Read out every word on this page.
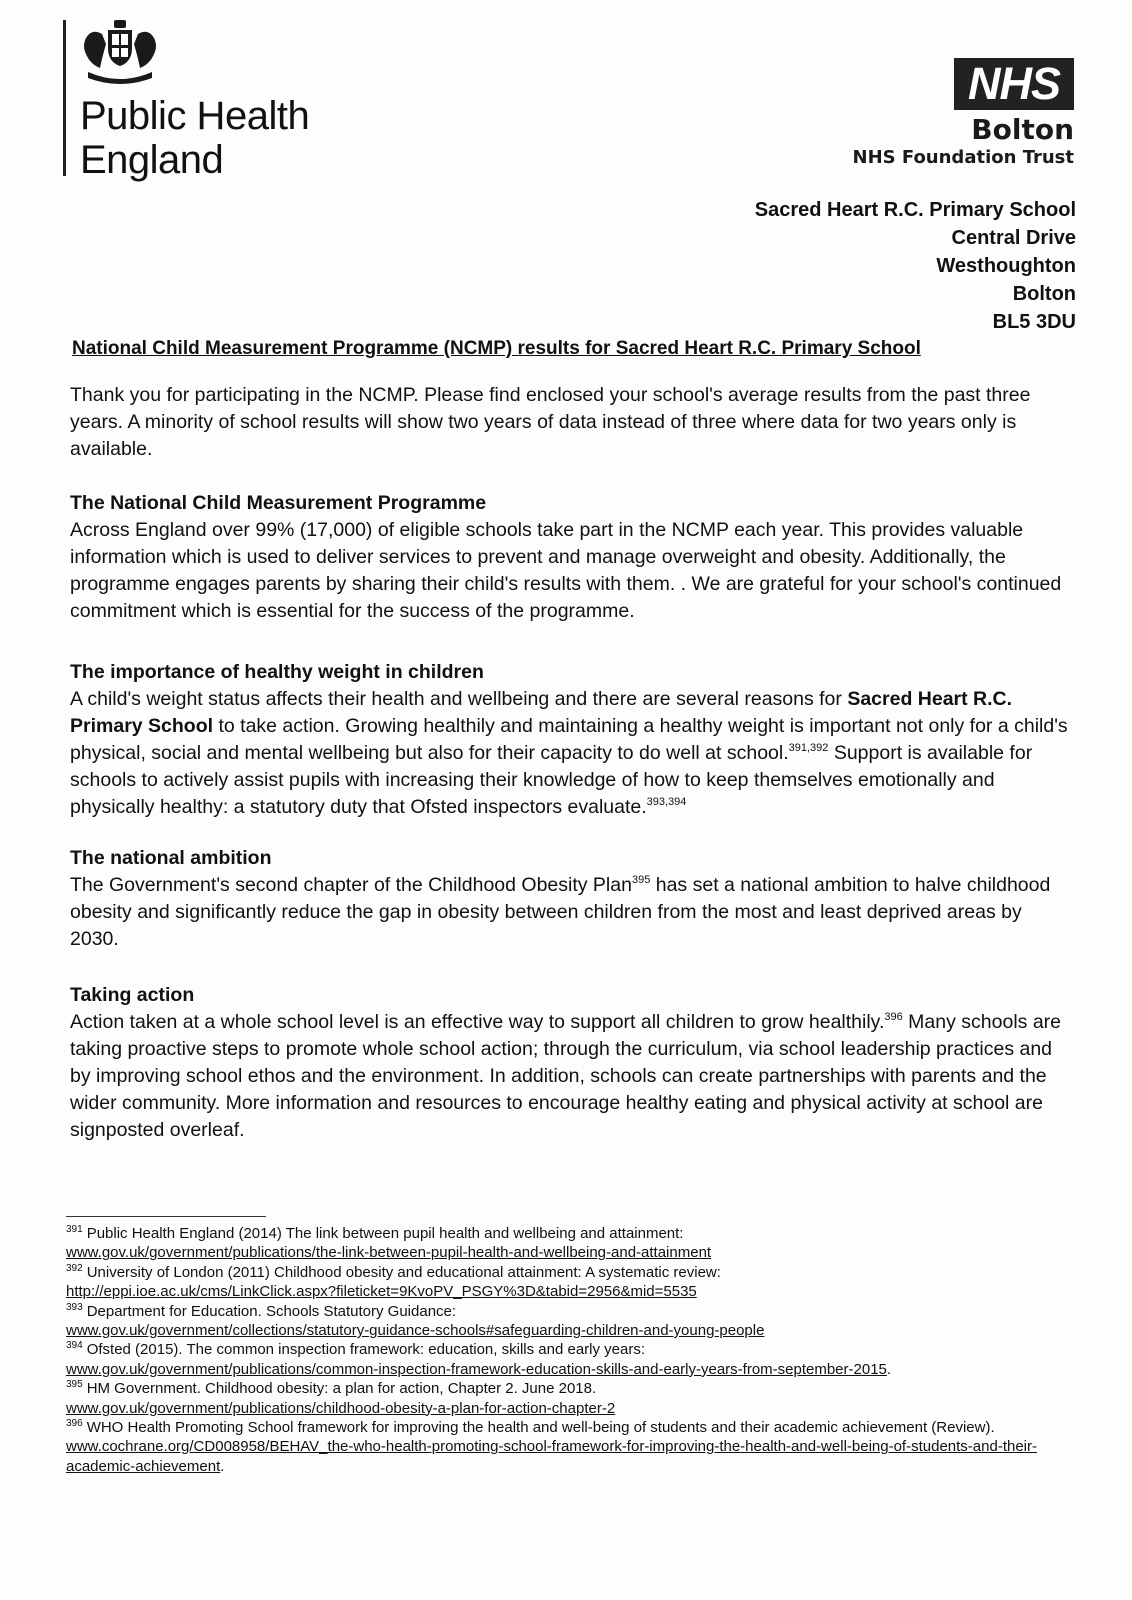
Public Health
England
NHS
Bolton
NHS Foundation Trust
Sacred Heart R.C. Primary School
Central Drive
Westhoughton
Bolton
BL5 3DU
National Child Measurement Programme (NCMP) results for Sacred Heart R.C. Primary School
Thank you for participating in the NCMP. Please find enclosed your school's average results from the past three years. A minority of school results will show two years of data instead of three where data for two years only is available.

The National Child Measurement Programme

Across England over 99% (17,000) of eligible schools take part in the NCMP each year. This provides valuable information which is used to deliver services to prevent and manage overweight and obesity. Additionally, the programme engages parents by sharing their child's results with them. . We are grateful for your school's continued commitment which is essential for the success of the programme.

The importance of healthy weight in children

A child's weight status affects their health and wellbeing and there are several reasons for Sacred Heart R.C. Primary School to take action. Growing healthily and maintaining a healthy weight is important not only for a child's physical, social and mental wellbeing but also for their capacity to do well at school.$^{391,392}$ Support is available for schools to actively assist pupils with increasing their knowledge of how to keep themselves emotionally and physically healthy: a statutory duty that Ofsted inspectors evaluate.$^{393,394}$

The national ambition

The Government's second chapter of the Childhood Obesity Plan$^{395}$ has set a national ambition to halve childhood obesity and significantly reduce the gap in obesity between children from the most and least deprived areas by 2030.

Taking action

Action taken at a whole school level is an effective way to support all children to grow healthily.$^{396}$ Many schools are taking proactive steps to promote whole school action; through the curriculum, via school leadership practices and by improving school ethos and the environment. In addition, schools can create partnerships with parents and the wider community. More information and resources to encourage healthy eating and physical activity at school are signposted overleaf.

$^{391}$ Public Health England (2014) The link between pupil health and wellbeing and attainment:
www.gov.uk/government/publications/the-link-between-pupil-health-and-wellbeing-and-attainment

$^{392}$ University of London (2011) Childhood obesity and educational attainment: A systematic review:
http://eppi.ioe.ac.uk/cms/LinkClick.aspx?fileticket=9KvoPV_PSGY%3D&tabid=2956&mid=5535

$^{393}$ Department for Education. Schools Statutory Guidance:
www.gov.uk/government/collections/statutory-guidance-schools#safeguarding-children-and-young-people

$^{394}$ Ofsted (2015). The common inspection framework: education, skills and early years:
www.gov.uk/government/publications/common-inspection-framework-education-skills-and-early-years-from-september-2015.

$^{395}$ HM Government. Childhood obesity: a plan for action, Chapter 2. June 2018.
www.gov.uk/government/publications/childhood-obesity-a-plan-for-action-chapter-2

$^{396}$ WHO Health Promoting School framework for improving the health and well-being of students and their academic achievement (Review). www.cochrane.org/CD008958/BEHAV_the-who-health-promoting-school-framework-for-improving-the-health-and-well-being-of-students-and-their-academic-achievement.
